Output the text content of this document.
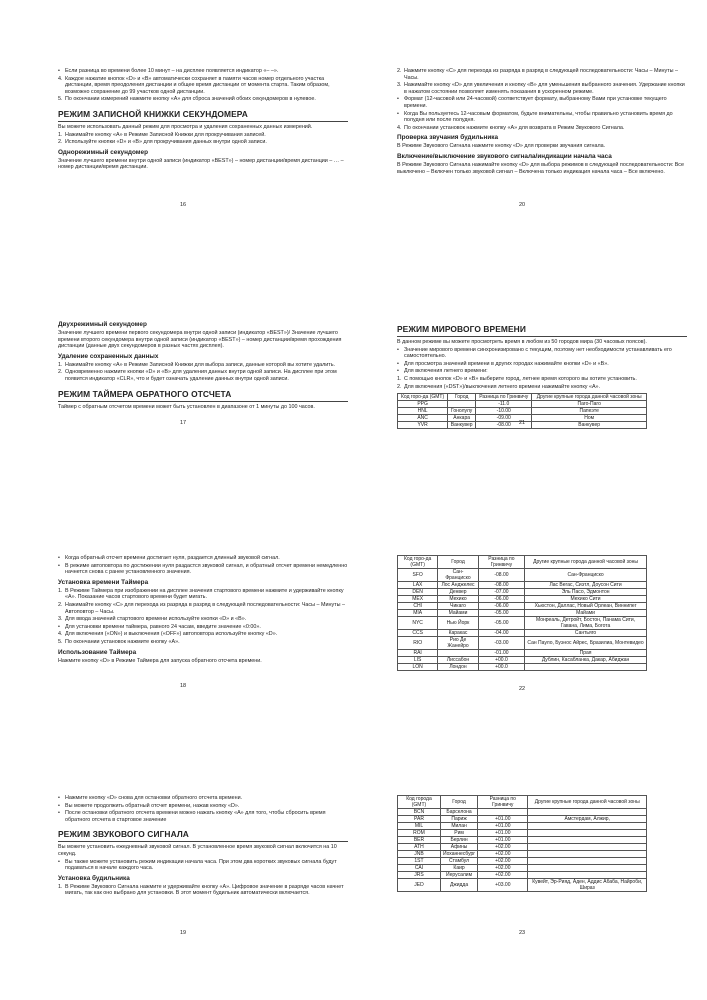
• Если разница во времени более 10 минут – на дисплее появляется индикатор «– –».
4. Каждое нажатие кнопок «D» и «B» автоматически сохраняет в памяти часов номер отдельного участка дистанции, время преодоления дистанции и общее время дистанции от момента старта. Таким образом, возможно сохранение до 99 участков одной дистанции.
5. По окончании измерений нажмите кнопку «A» для сброса значений обоих секундомеров в нулевое.
РЕЖИМ ЗАПИСНОЙ КНИЖКИ СЕКУНДОМЕРА
Вы можете использовать данный режим для просмотра и удаления сохраненных данных измерений.
1. Нажимайте кнопку «A» в Режиме Записной Книжки для прокручивания записей.
2. Используйте кнопки «D» и «B» для прокручивания данных внутри одной записи.
Однорежимный секундомер
Значение лучшего времени внутри одной записи (индикатор «BEST») – номер дистанции/время дистанции – … – номер дистанции/время дистанции.
16
2. Нажмите кнопку «C» для перехода из разряда в разряд в следующей последовательности: Часы – Минуты – Часы.
3. Нажимайте кнопку «D» для увеличения и кнопку «B» для уменьшения выбранного значения. Удержание кнопки в нажатом состоянии позволяет изменять показания в ускоренном режиме.
• Формат (12-часовой или 24-часовой) соответствует формату, выбранному Вами при установке текущего времени.
• Когда Вы пользуетесь 12-часовым форматом, будьте внимательны, чтобы правильно установить время до полудня или после полудня.
4. По окончании установок нажмите кнопку «A» для возврата в Режим Звукового Сигнала.
Проверка звучания будильника
В Режиме Звукового Сигнала нажмите кнопку «D» для проверки звучания сигнала.
Включение/выключение звукового сигнала/индикации начала часа
В Режиме Звукового Сигнала нажимайте кнопку «D» для выбора режимов в следующей последовательности: Все выключено – Включен только звуковой сигнал – Включена только индикация начала часа – Все включено.
20
Двухрежимный секундомер
Значение лучшего времени первого секундомера внутри одной записи (индикатор «BEST»)/ Значение лучшего времени второго секундомера внутри одной записи (индикатор «BEST») – номер дистанции/время прохождения дистанции (данные двух секундомеров в разных частях дисплея).
Удаление сохраненных данных
1. Нажимайте кнопку «A» в Режиме Записной Книжки для выбора записи, данные которой вы хотите удалить.
2. Одновременно нажмите кнопки «D» и «B» для удаления данных внутри одной записи. На дисплее при этом появится индикатор «CLR», что и будет означать удаление данных внутри одной записи.
РЕЖИМ ТАЙМЕРА ОБРАТНОГО ОТСЧЕТА
Таймер с обратным отсчетом времени может быть установлен в диапазоне от 1 минуты до 100 часов.
17
РЕЖИМ МИРОВОГО ВРЕМЕНИ
В данном режиме вы можете просмотреть время в любом из 50 городов мира (30 часовых поясов).
• Значение мирового времени синхронизировано с текущим, поэтому нет необходимости устанавливать его самостоятельно.
• Для просмотра значений времени в других городах нажимайте кнопки «D» и «B».
• Для включения летнего времени:
1. С помощью кнопок «D» и «B» выберите город, летнее время которого вы хотите установить.
2. Для включения («DST»)/выключения летнего времени нажимайте кнопку «A».
Код горо-да (GMT)	Город	Разница по Гринвичу	Другие крупные города данной часовой зоны
PPG		-11.0	Паго-Паго
HNL	Гонолулу	-10.00	Папеэте
ANC	Анкара	-09.00	Ном
YVR	Ванкувер	-08.00	Ванкувер
21
• Когда обратный отсчет времени достигает нуля, раздается длинный звуковой сигнал.
• В режиме автоповтора по достижении нуля раздастся звуковой сигнал, и обратный отсчет времени немедленно начнется снова с ранее установленного значения.
Установка времени Таймера
1. В Режиме Таймера при изображении на дисплее значения стартового времени нажмите и удерживайте кнопку «A». Показание часов стартового времени будет мигать.
2. Нажимайте кнопку «C» для перехода из разряда в разряд в следующей последовательности: Часы – Минуты – Автоповтор – Часы.
3. Для ввода значений стартового времени используйте кнопки «D» и «B».
• Для установки времени таймера, равного 24 часам, введите значение «0:00».
4. Для включения («ON») и выключения («OFF») автоповтора используйте кнопку «D».
5. По окончании установок нажмите кнопку «A».
Использование Таймера
Нажмите кнопку «D» в Режиме Таймера для запуска обратного отсчета времени.
18
Код горо-да (GMT)	Город	Разница по Гринвичу	Другие крупные города данной часовой зоны
SFO	Сан-Франциско	-08.00	Сан-Франциско
LAX	Лос Анджелес	-08.00	Лас Вегас, Сиэтл, Доусон Сити
DEN	Денвер	-07.00	Эль Пасо, Эдмонтон
MEX	Мехико	-06.00	Мехико Сити
CHI	Чикаго	-06.00	Хьюстон, Даллас, Новый Орлеан, Виннипег
MIA	Майами	-05.00	Майами
NYC	Нью Йорк	-05.00	Монреаль, Детройт, Бостон, Панама Сити, Гавана, Лима, Богота
CCS	Каракас	-04.00	Сантьяго
RIO	Рио Де Жанейро	-03.00	Сан Пауло, Буэнос Айрес, Бразилиа, Монтевидео
RAI		-01.00	Прая
LIS	Лиссабон	+00.0	Дублин, Касабланка, Дакар, Абиджан
LON	Лондон	+00.0	
22
• Нажмите кнопку «D» снова для остановки обратного отсчета времени.
• Вы можете продолжить обратный отсчет времени, нажав кнопку «D».
• После остановки обратного отсчета времени можно нажать кнопку «A» для того, чтобы сбросить время обратного отсчета в стартовое значение
РЕЖИМ ЗВУКОВОГО СИГНАЛА
Вы можете установить ежедневный звуковой сигнал. В установленное время звуковой сигнал включится на 10 секунд.
• Вы также можете установить режим индикации начала часа. При этом два коротких звуковых сигнала будут подаваться в начале каждого часа.
Установка будильника
1. В Режиме Звукового Сигнала нажмите и удерживайте кнопку «A». Цифровое значение в разряде часов начнет мигать, так как оно выбрано для установки. В этот момент будильник автоматически включается.
19
Код города (GMT)	Город	Разница по Гринвичу	Другие крупные города данной часовой зоны
BCN	Барселона		
PAR	Париж	+01.00	Амстердам, Алжир,
MIL	Милан	+01.00	
ROM	Рим	+01.00	
BER	Берлин	+01.00	
ATH	Афины	+02.00	
JNB	Йоханнесбург	+02.00	
1ST	Стамбул	+02.00	
CAI	Каир	+02.00	
JRS	Иерусалим	+02.00	
JED	Джидда	+03.00	Кувейт, Эр-Рияд, Аден, Аддис Абаба, Найроби, Шираз
23
